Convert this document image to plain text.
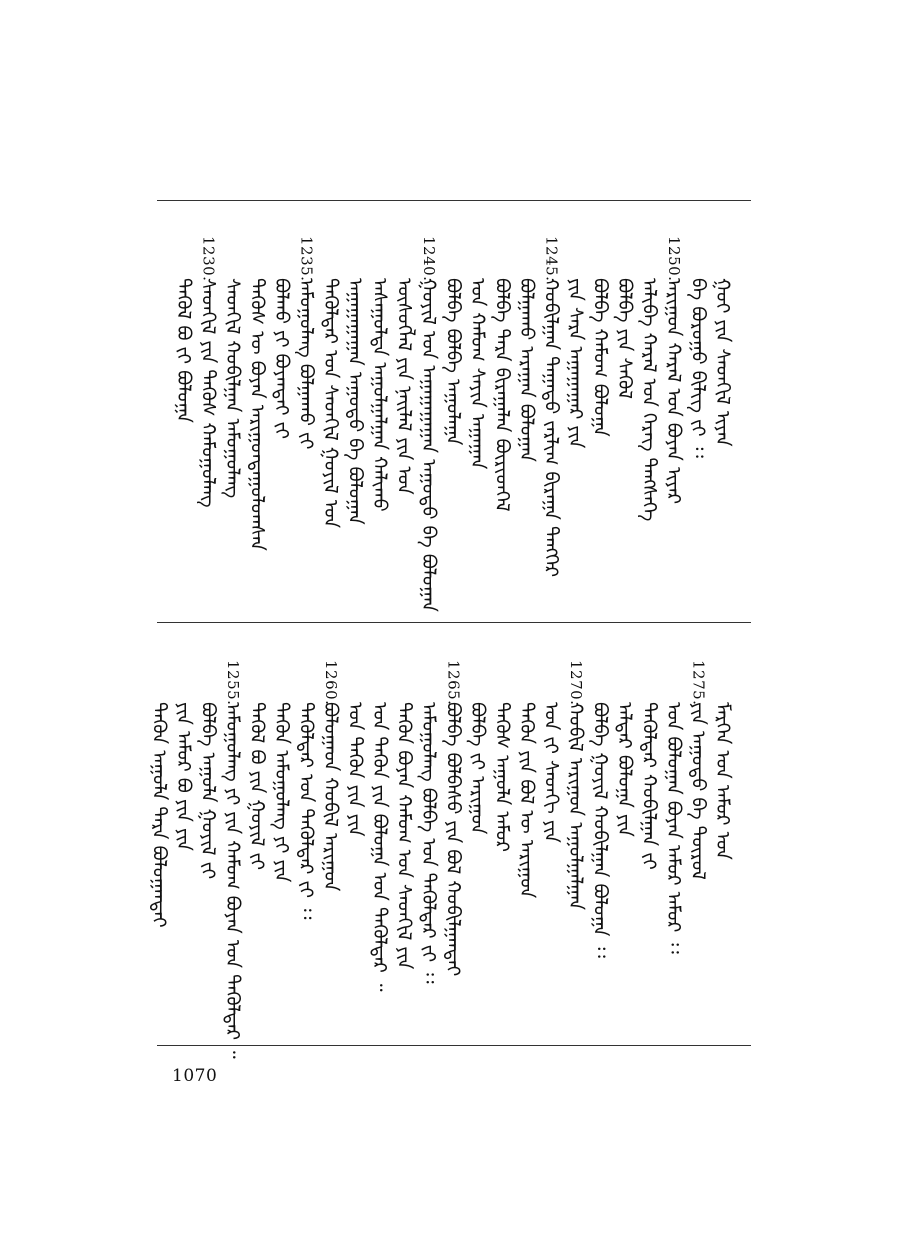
ᠭᠤᠶ ᠶᠢᠨ ᠰᠡᠳᠬᠢᠯ ᠢᠶᠡᠨ
ᠪᠡ ᠪᠤᠷᠤᠭᠤ ᠪᠢᠯᠢᠭ ᠵᠢ ᠄᠄
1250.
ᠠᠷᠢᠭᠤᠨ ᠬᠠᠷᠠᠯ ᠤᠨ ᠪᠤᠶᠠᠨ ᠢᠶᠠᠷ
ᠠᠯᠢᠪᠠ ᠬᠠᠷᠠᠯ ᠤᠨ ᠬᠡᠷᠡᠭ ᠲᠡᠩᠰᠡᠭᠡ
ᠪᠤᠯᠪᠠ ᠶᠢᠨ ᠰᠡᠭᠦᠯ
ᠪᠤᠯᠪᠠ ᠬᠠᠮᠤᠭ ᠪᠤᠯᠤᠭᠠ
ᠶᠢᠨ ᠰᠠᠷᠠ ᠠᠭᠠᠭᠠᠭᠠᠷ ᠶᠢᠨ
1245.
ᠬᠤᠪᠢᠯᠭᠠᠨ ᠳᠠᠭᠠᠳᠤ ᠵᠠᠷᠯᠢᠭ ᠪᠢᠷᠠᠭᠠ ᠲᠡᠩᠭᠡᠷ
ᠪᠤᠯᠭᠠᠬᠤ ᠠᠷᠠᠭᠠᠨ ᠪᠤᠯᠤᠭᠠᠨ
ᠪᠤᠯᠪᠠ ᠲᠡᠷᠡ ᠪᠢᠷᠠᠭᠠᠯᠠᠨ ᠪᠦᠷᠢᠳᠬᠡᠯ
ᠤᠨ ᠬᠠᠮᠤᠭ ᠰᠠᠶᠢᠨ ᠠᠭᠠᠭᠠᠨ
ᠪᠤᠯᠪᠠ ᠪᠤᠯᠪᠠ ᠠᠭᠤᠯᠠᠭᠠ
1240.
ᠭᠤᠶᠢᠯ ᠤᠨ ᠠᠭᠠᠭᠠᠭᠠᠭᠠᠨ ᠠᠭᠤᠳᠤ ᠪᠠ ᠪᠤᠯᠤᠭᠠᠨ
ᠦᠰᠦᠭᠯᠡᠯ ᠶᠢᠨ ᠨᠡᠢᠯᠡᠯ ᠶᠢᠨ ᠤᠨ
ᠠᠰᠠᠭᠤᠯᠲᠠ ᠠᠭᠤᠯᠭᠠᠯᠭᠠᠨ ᠬᠠᠯᠢᠬᠤ
ᠠᠭᠠᠭᠠᠭᠠᠭᠠᠨ ᠠᠭᠤᠳᠤ ᠪᠠ ᠪᠤᠯᠤᠭᠠᠨ
ᠲᠡᠭᠦᠯᠳᠡᠷ ᠤᠨ ᠰᠡᠳᠬᠢᠯ ᠭᠤᠶᠢᠯ ᠤᠨ
1235.
ᠠᠮᠤᠭᠤᠯᠠᠩ ᠪᠤᠯᠭᠠᠬᠤ ᠵᠢ
ᠪᠤᠯᠬᠤ ᠶᠢ ᠪᠤᠶᠠᠨᠲᠠᠢ ᠵᠢ
ᠲᠡᠭᠦᠰ ᠦ ᠪᠤᠶᠠᠨ ᠠᠷᠢᠭᠤᠨᠳᠠᠭᠤᠯᠤᠭᠰᠠᠨ
ᠰᠡᠳᠬᠢᠯ ᠬᠤᠪᠢᠯᠭᠠᠨ ᠠᠮᠤᠭᠤᠯᠠᠩ
1230.
ᠰᠡᠳᠬᠢᠯ ᠶᠢᠨ ᠲᠡᠭᠦᠰ ᠬᠠᠮᠤᠭᠤᠯᠠᠩ
ᠲᠡᠭᠦᠯ ᠪᠤ ᠵᠢ ᠪᠤᠯᠤᠭᠠ
ᠮᠡᠷᠭᠡᠨ ᠤᠨ ᠠᠮᠤᠷ ᠤᠨ
1275.
ᠶᠢᠨ ᠠᠭᠤᠳᠤ ᠪᠠ ᠲᠦᠷᠦᠯ
ᠤᠨ ᠪᠤᠯᠤᠭᠠᠨ ᠪᠤᠶᠠᠨ ᠠᠮᠤᠷ ᠠᠮᠤᠷ ᠄᠄
ᠲᠡᠭᠦᠯᠳᠡᠷ ᠬᠤᠪᠢᠯᠭᠠᠨ ᠵᠢ
ᠠᠯᠳᠠᠷ ᠪᠤᠯᠤᠭᠠ ᠶᠢᠨ
ᠪᠤᠯᠪᠠ ᠭᠤᠶᠢᠯ ᠬᠤᠪᠢᠯᠭᠠᠨ ᠪᠤᠯᠤᠭᠠ ᠄᠄
1270.
ᠬᠤᠪᠢᠯ ᠠᠷᠢᠭᠤᠨ ᠠᠭᠤᠯᠭᠠᠯᠭᠠᠨ
ᠤᠨ ᠵᠢ ᠰᠡᠳᠬᠢ ᠶᠢᠨ
ᠲᠡᠭᠦᠨ ᠶᠢᠨ ᠪᠤᠯ ᠦ ᠠᠷᠢᠭᠤᠨ
ᠲᠡᠭᠦᠰ ᠠᠭᠤᠯᠠ ᠠᠮᠤᠷ
ᠪᠤᠯᠪᠠ ᠵᠢ ᠠᠷᠢᠭᠤᠨ
1265.
ᠪᠤᠯᠪᠠ ᠪᠤᠯᠪᠠᠰᠤ ᠶᠢᠨ ᠪᠤᠯ ᠬᠤᠪᠢᠯᠭᠠᠨᠲᠠᠢ
ᠠᠮᠤᠭᠤᠯᠠᠩ ᠪᠤᠯᠪᠠ ᠤᠨ ᠲᠡᠭᠦᠯᠳᠡᠷ ᠵᠢ ᠄᠄
ᠲᠡᠭᠦᠨ ᠪᠤᠶᠠᠨ ᠬᠠᠮᠤᠭ ᠤᠨ ᠰᠡᠳᠬᠢᠯ ᠶᠢᠨ
ᠤᠨ ᠲᠡᠭᠦᠨ ᠶᠢᠨ ᠪᠤᠯᠤᠭᠠ ᠤᠨ ᠲᠡᠭᠦᠯᠳᠡᠷ ᠃
ᠤᠨ ᠲᠡᠭᠦᠨ ᠶᠢᠨ ᠶᠢᠨ
1260.
ᠪᠤᠯᠤᠭᠠᠳ ᠬᠤᠪᠢᠯ ᠠᠷᠢᠭᠤᠨ
ᠲᠡᠭᠦᠯᠳᠡᠷ ᠤᠨ ᠲᠡᠭᠦᠯᠳᠡᠷ ᠵᠢ ᠄᠄
ᠲᠡᠭᠦᠨ ᠠᠮᠤᠭᠤᠯᠠᠩ ᠶᠢ ᠶᠢᠨ
ᠲᠡᠭᠦᠯ ᠪᠤ ᠶᠢᠨ ᠭᠤᠶᠢᠯ ᠵᠢ
1255.
ᠠᠮᠤᠭᠤᠯᠠᠩ ᠶᠢ ᠶᠢᠨ ᠬᠠᠮᠤᠭ ᠪᠤᠶᠠᠨ ᠤᠨ ᠲᠡᠭᠦᠯᠳᠡᠷ ᠃
ᠪᠤᠯᠪᠠ ᠠᠭᠤᠯᠠ ᠭᠤᠶᠢᠯ ᠵᠢ
ᠶᠢᠨ ᠠᠮᠤᠷ ᠪᠤ ᠶᠢᠨ ᠶᠢᠨ
ᠲᠡᠭᠦᠨ ᠠᠭᠤᠯᠠ ᠲᠡᠷᠡ ᠪᠤᠯᠤᠭᠠᠨᠲᠠᠢ
1070
